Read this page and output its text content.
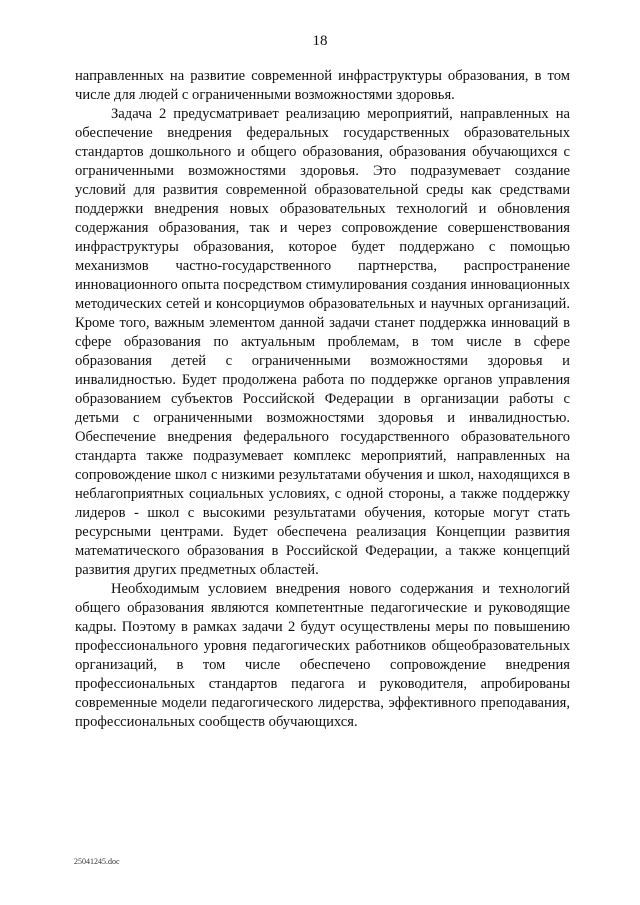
18

направленных на развитие современной инфраструктуры образования, в том числе для людей с ограниченными возможностями здоровья.

Задача 2 предусматривает реализацию мероприятий, направленных на обеспечение внедрения федеральных государственных образовательных стандартов дошкольного и общего образования, образования обучающихся с ограниченными возможностями здоровья. Это подразумевает создание условий для развития современной образовательной среды как средствами поддержки внедрения новых образовательных технологий и обновления содержания образования, так и через сопровождение совершенствования инфраструктуры образования, которое будет поддержано с помощью механизмов частно-государственного партнерства, распространение инновационного опыта посредством стимулирования создания инновационных методических сетей и консорциумов образовательных и научных организаций. Кроме того, важным элементом данной задачи станет поддержка инноваций в сфере образования по актуальным проблемам, в том числе в сфере образования детей с ограниченными возможностями здоровья и инвалидностью. Будет продолжена работа по поддержке органов управления образованием субъектов Российской Федерации в организации работы с детьми с ограниченными возможностями здоровья и инвалидностью. Обеспечение внедрения федерального государственного образовательного стандарта также подразумевает комплекс мероприятий, направленных на сопровождение школ с низкими результатами обучения и школ, находящихся в неблагоприятных социальных условиях, с одной стороны, а также поддержку лидеров - школ с высокими результатами обучения, которые могут стать ресурсными центрами. Будет обеспечена реализация Концепции развития математического образования в Российской Федерации, а также концепций развития других предметных областей.

Необходимым условием внедрения нового содержания и технологий общего образования являются компетентные педагогические и руководящие кадры. Поэтому в рамках задачи 2 будут осуществлены меры по повышению профессионального уровня педагогических работников общеобразовательных организаций, в том числе обеспечено сопровождение внедрения профессиональных стандартов педагога и руководителя, апробированы современные модели педагогического лидерства, эффективного преподавания, профессиональных сообществ обучающихся.

25041245.doc
